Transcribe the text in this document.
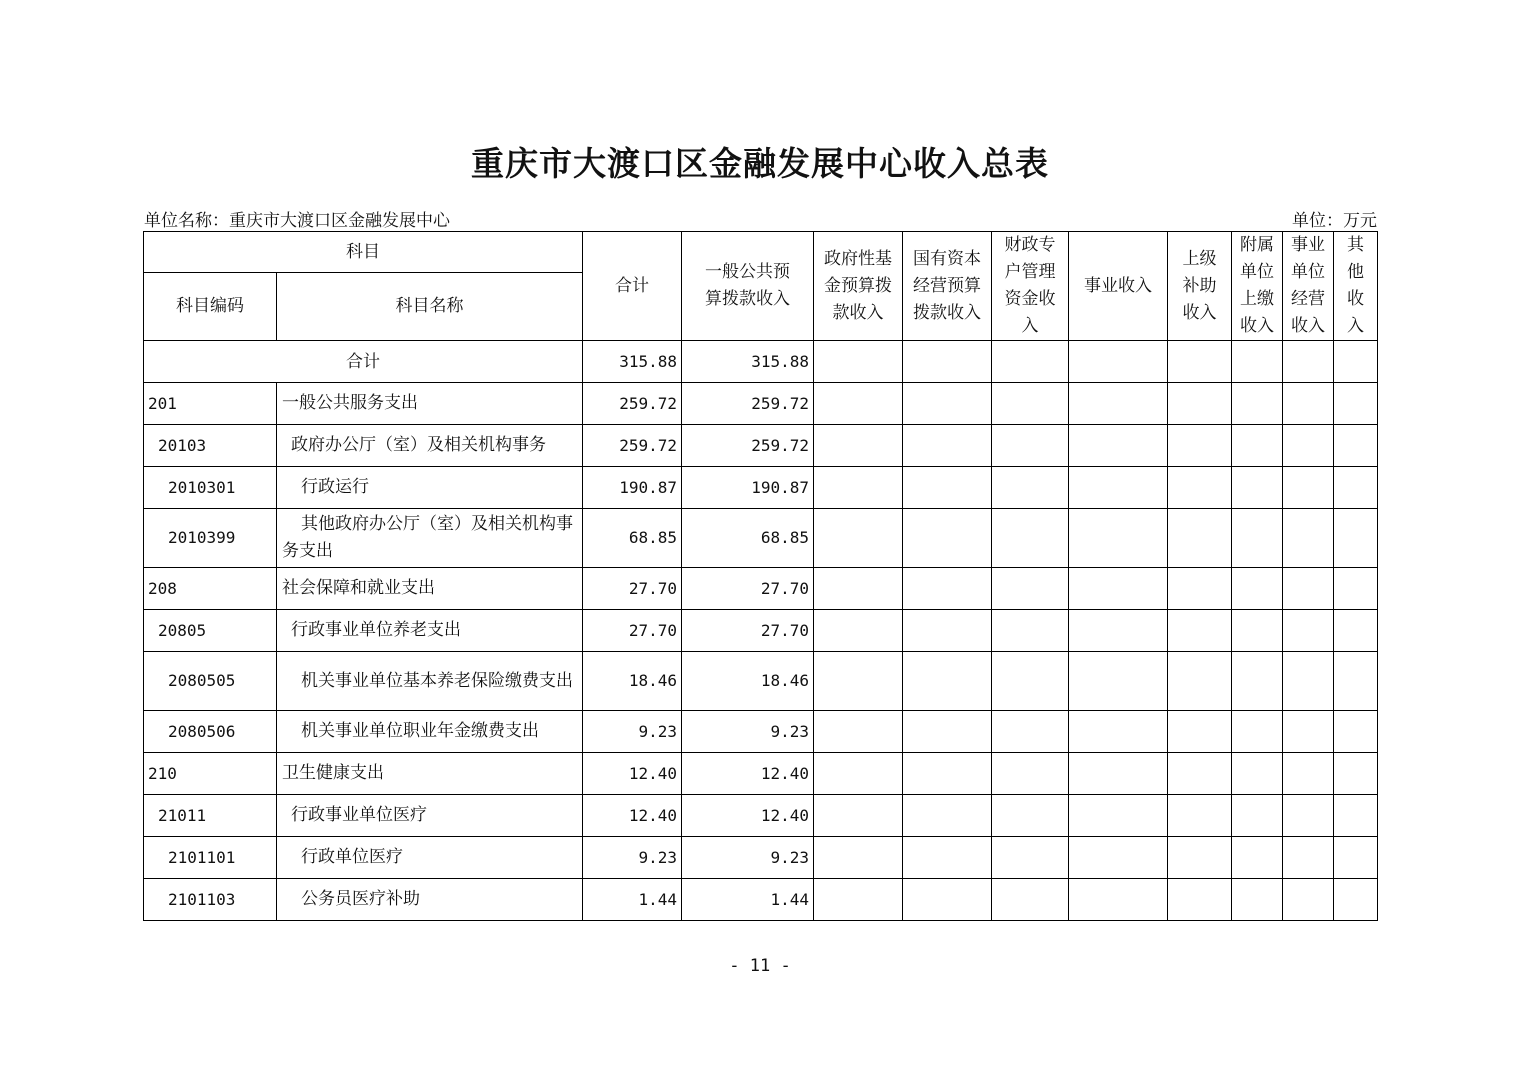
重庆市大渡口区金融发展中心收入总表
单位名称：重庆市大渡口区金融发展中心	单位：万元
科目		合计	一般公共预算拨款收入	政府性基金预算拨款收入	国有资本经营预算拨款收入	财政专户管理资金收入	事业收入	上级补助收入	附属单位上缴收入	事业单位经营收入	其他收入
科目编码	科目名称										
合计		315.88	315.88								
201	一般公共服务支出	259.72	259.72								
20103	政府办公厅（室）及相关机构事务	259.72	259.72								
2010301	行政运行	190.87	190.87								
2010399	其他政府办公厅（室）及相关机构事务支出	68.85	68.85								
208	社会保障和就业支出	27.70	27.70								
20805	行政事业单位养老支出	27.70	27.70								
2080505	机关事业单位基本养老保险缴费支出	18.46	18.46								
2080506	机关事业单位职业年金缴费支出	9.23	9.23								
210	卫生健康支出	12.40	12.40								
21011	行政事业单位医疗	12.40	12.40								
2101101	行政单位医疗	9.23	9.23								
2101103	公务员医疗补助	1.44	1.44								
- 11 -
